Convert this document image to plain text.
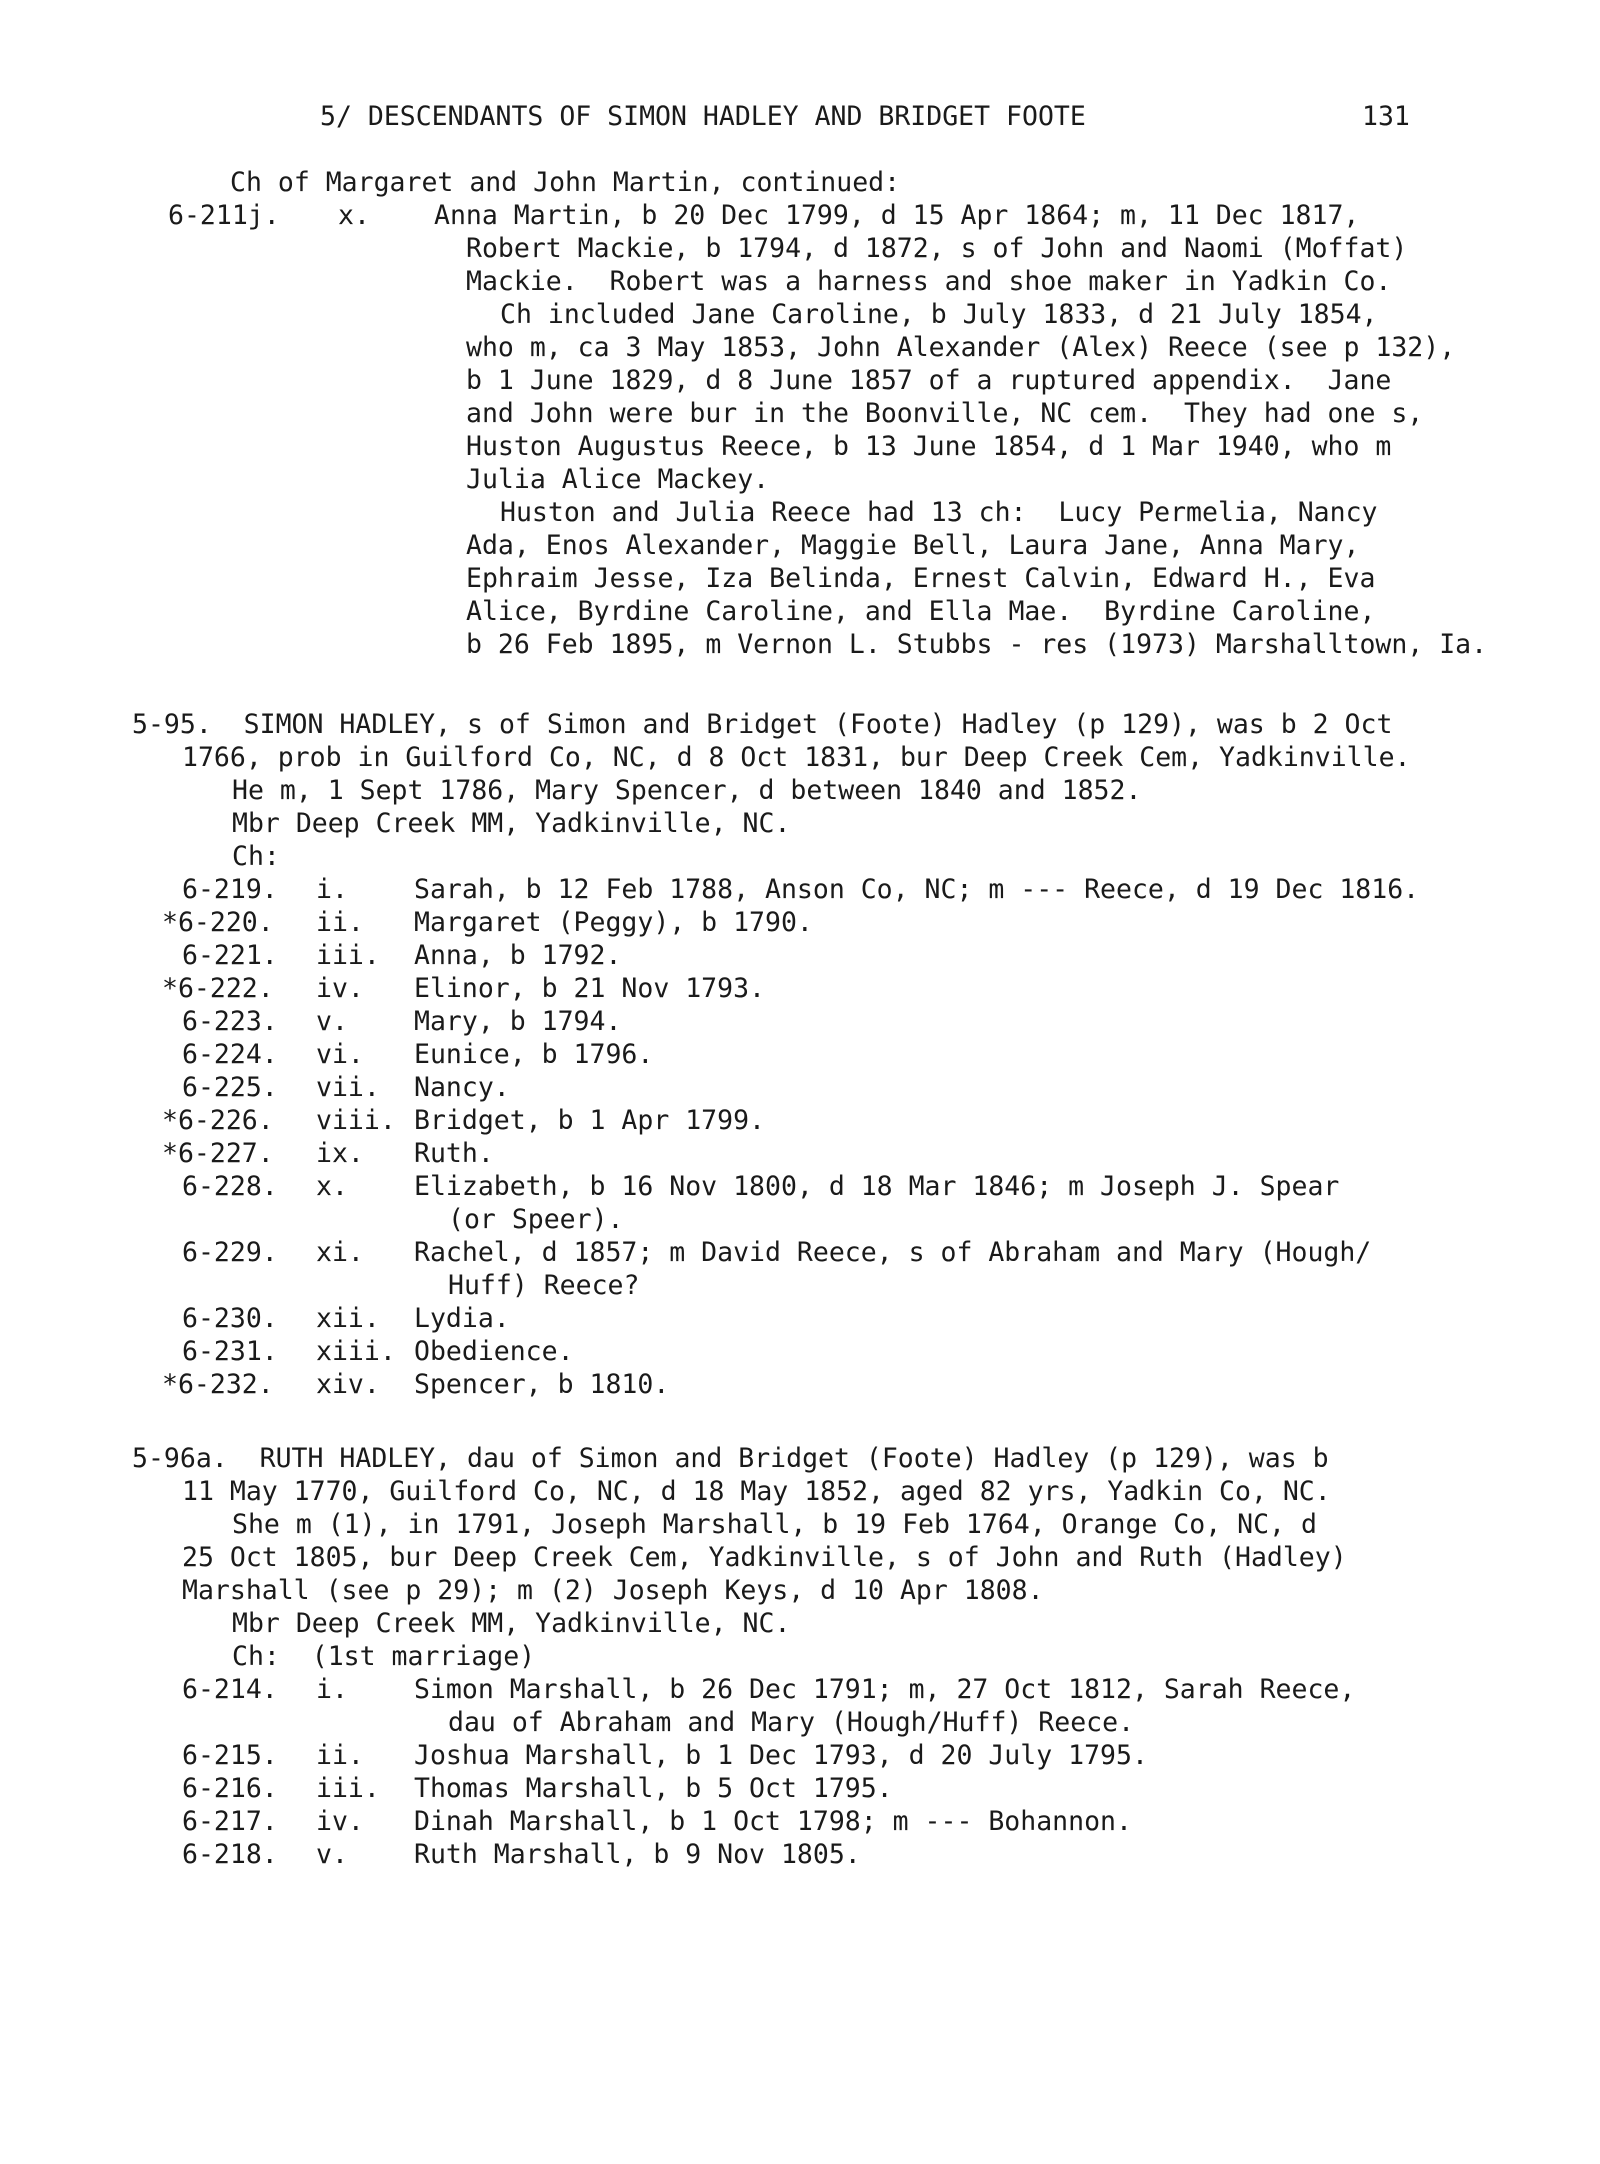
5/ DESCENDANTS OF SIMON HADLEY AND BRIDGET FOOTE	131
Ch of Margaret and John Martin, continued:
6-211j. x. Anna Martin, b 20 Dec 1799, d 15 Apr 1864; m, 11 Dec 1817,
Robert Mackie, b 1794, d 1872, s of John and Naomi (Moffat)
Mackie.  Robert was a harness and shoe maker in Yadkin Co.
Ch included Jane Caroline, b July 1833, d 21 July 1854,
who m, ca 3 May 1853, John Alexander (Alex) Reece (see p 132),
b 1 June 1829, d 8 June 1857 of a ruptured appendix.  Jane
and John were bur in the Boonville, NC cem.  They had one s,
Huston Augustus Reece, b 13 June 1854, d 1 Mar 1940, who m
Julia Alice Mackey.
Huston and Julia Reece had 13 ch:  Lucy Permelia, Nancy
Ada, Enos Alexander, Maggie Bell, Laura Jane, Anna Mary,
Ephraim Jesse, Iza Belinda, Ernest Calvin, Edward H., Eva
Alice, Byrdine Caroline, and Ella Mae.  Byrdine Caroline,
b 26 Feb 1895, m Vernon L. Stubbs - res (1973) Marshalltown, Ia.
5-95.  SIMON HADLEY, s of Simon and Bridget (Foote) Hadley (p 129), was b 2 Oct
1766, prob in Guilford Co, NC, d 8 Oct 1831, bur Deep Creek Cem, Yadkinville.
He m, 1 Sept 1786, Mary Spencer, d between 1840 and 1852.
Mbr Deep Creek MM, Yadkinville, NC.
Ch:
6-219. i. Sarah, b 12 Feb 1788, Anson Co, NC; m --- Reece, d 19 Dec 1816.
*6-220. ii. Margaret (Peggy), b 1790.
6-221. iii. Anna, b 1792.
*6-222. iv. Elinor, b 21 Nov 1793.
6-223. v. Mary, b 1794.
6-224. vi. Eunice, b 1796.
6-225. vii. Nancy.
*6-226. viii. Bridget, b 1 Apr 1799.
*6-227. ix. Ruth.
6-228. x. Elizabeth, b 16 Nov 1800, d 18 Mar 1846; m Joseph J. Spear
(or Speer).
6-229. xi. Rachel, d 1857; m David Reece, s of Abraham and Mary (Hough/
Huff) Reece?
6-230. xii. Lydia.
6-231. xiii. Obedience.
*6-232. xiv. Spencer, b 1810.
5-96a.  RUTH HADLEY, dau of Simon and Bridget (Foote) Hadley (p 129), was b
11 May 1770, Guilford Co, NC, d 18 May 1852, aged 82 yrs, Yadkin Co, NC.
She m (1), in 1791, Joseph Marshall, b 19 Feb 1764, Orange Co, NC, d
25 Oct 1805, bur Deep Creek Cem, Yadkinville, s of John and Ruth (Hadley)
Marshall (see p 29); m (2) Joseph Keys, d 10 Apr 1808.
Mbr Deep Creek MM, Yadkinville, NC.
Ch:  (1st marriage)
6-214. i. Simon Marshall, b 26 Dec 1791; m, 27 Oct 1812, Sarah Reece,
dau of Abraham and Mary (Hough/Huff) Reece.
6-215. ii. Joshua Marshall, b 1 Dec 1793, d 20 July 1795.
6-216. iii. Thomas Marshall, b 5 Oct 1795.
6-217. iv. Dinah Marshall, b 1 Oct 1798; m --- Bohannon.
6-218. v. Ruth Marshall, b 9 Nov 1805.
